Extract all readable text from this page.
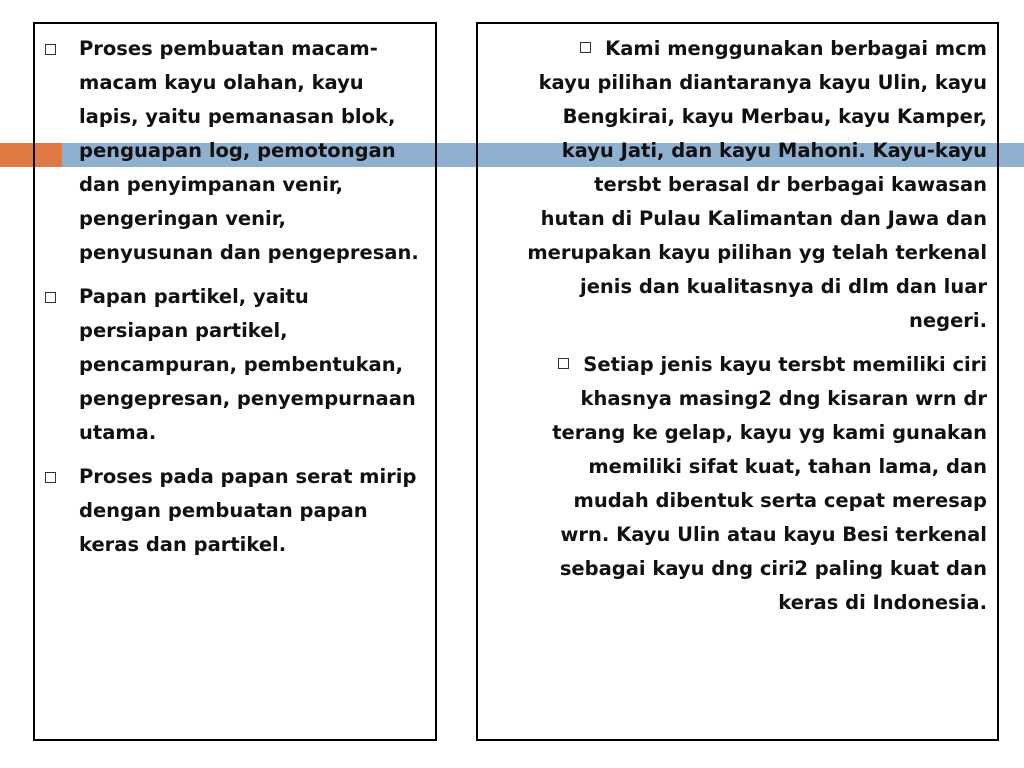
Proses pembuatan macam-macam kayu olahan, kayu lapis, yaitu pemanasan blok, penguapan log, pemotongan dan penyimpanan venir, pengeringan venir, penyusunan dan pengepresan.
Papan partikel, yaitu persiapan partikel, pencampuran, pembentukan, pengepresan, penyempurnaan utama.
Proses pada papan serat mirip dengan pembuatan papan keras dan partikel.
Kami menggunakan berbagai mcm kayu pilihan diantaranya kayu Ulin, kayu Bengkirai, kayu Merbau, kayu Kamper, kayu Jati, dan kayu Mahoni. Kayu-kayu tersbt berasal dr berbagai kawasan hutan di Pulau Kalimantan dan Jawa dan merupakan kayu pilihan yg telah terkenal jenis dan kualitasnya di dlm dan luar negeri.
Setiap jenis kayu tersbt memiliki ciri khasnya masing2 dng kisaran wrn dr terang ke gelap, kayu yg kami gunakan memiliki sifat kuat, tahan lama, dan mudah dibentuk serta cepat meresap wrn. Kayu Ulin atau kayu Besi terkenal sebagai kayu dng ciri2 paling kuat dan keras di Indonesia.
